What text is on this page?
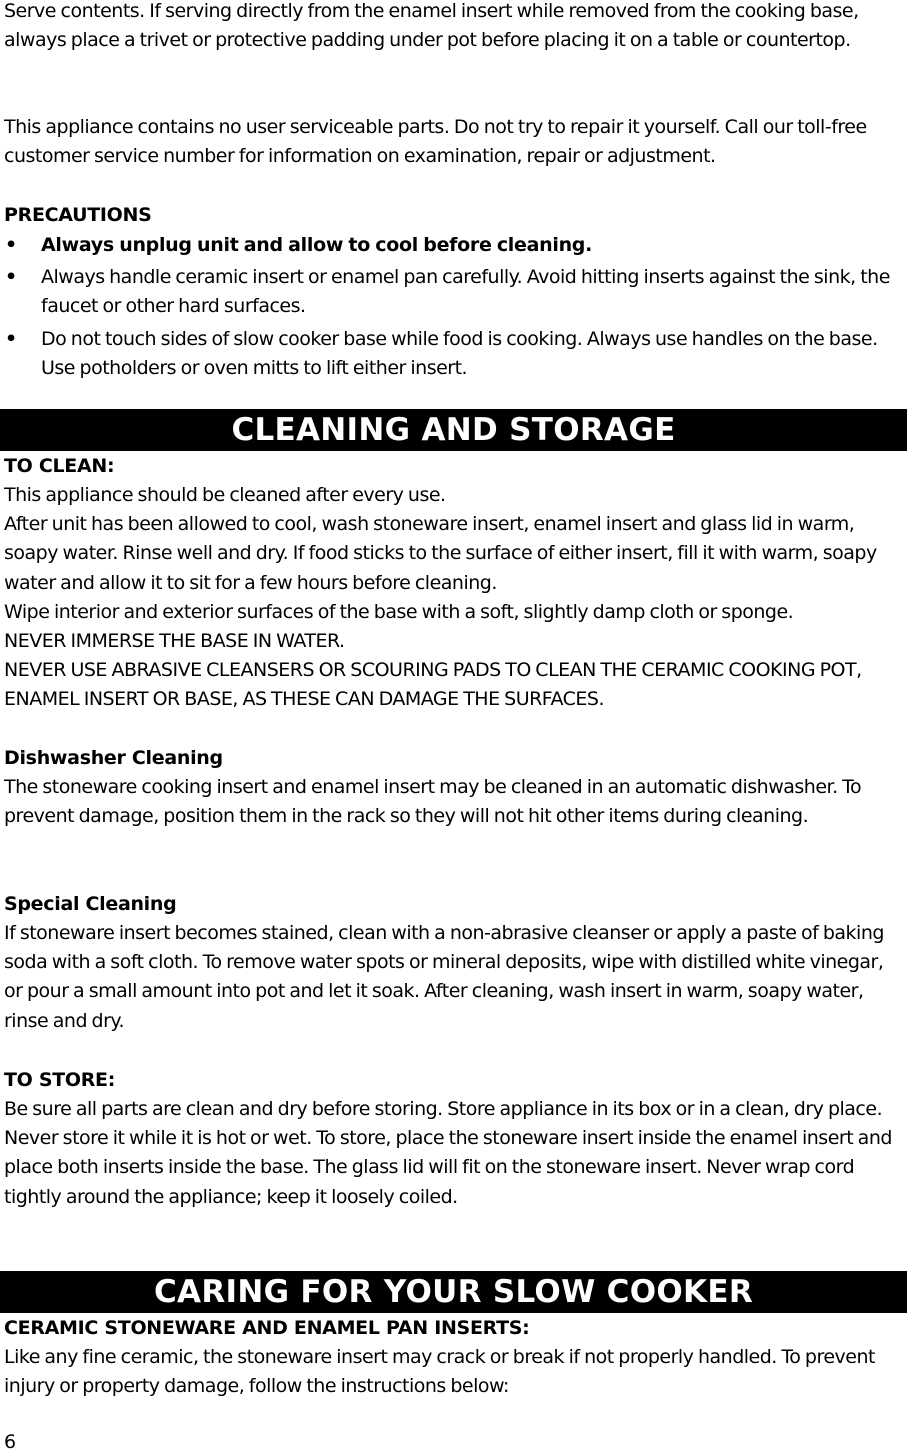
Serve contents. If serving directly from the enamel insert while removed from the cooking base, always place a trivet or protective padding under pot before placing it on a table or countertop.

This appliance contains no user serviceable parts. Do not try to repair it yourself. Call our toll-free customer service number for information on examination, repair or adjustment.

PRECAUTIONS
• Always unplug unit and allow to cool before cleaning.
• Always handle ceramic insert or enamel pan carefully. Avoid hitting inserts against the sink, the faucet or other hard surfaces.
• Do not touch sides of slow cooker base while food is cooking. Always use handles on the base. Use potholders or oven mitts to lift either insert.
CLEANING AND STORAGE
TO CLEAN:

This appliance should be cleaned after every use.

After unit has been allowed to cool, wash stoneware insert, enamel insert and glass lid in warm, soapy water. Rinse well and dry. If food sticks to the surface of either insert, fill it with warm, soapy water and allow it to sit for a few hours before cleaning.

Wipe interior and exterior surfaces of the base with a soft, slightly damp cloth or sponge.

NEVER IMMERSE THE BASE IN WATER.

NEVER USE ABRASIVE CLEANSERS OR SCOURING PADS TO CLEAN THE CERAMIC COOKING POT, ENAMEL INSERT OR BASE, AS THESE CAN DAMAGE THE SURFACES.

Dishwasher Cleaning

The stoneware cooking insert and enamel insert may be cleaned in an automatic dishwasher. To prevent damage, position them in the rack so they will not hit other items during cleaning.

Special Cleaning

If stoneware insert becomes stained, clean with a non-abrasive cleanser or apply a paste of baking soda with a soft cloth. To remove water spots or mineral deposits, wipe with distilled white vinegar, or pour a small amount into pot and let it soak. After cleaning, wash insert in warm, soapy water, rinse and dry.

TO STORE:

Be sure all parts are clean and dry before storing. Store appliance in its box or in a clean, dry place. Never store it while it is hot or wet. To store, place the stoneware insert inside the enamel insert and place both inserts inside the base. The glass lid will fit on the stoneware insert. Never wrap cord tightly around the appliance; keep it loosely coiled.

CARING FOR YOUR SLOW COOKER
CERAMIC STONEWARE AND ENAMEL PAN INSERTS:

Like any fine ceramic, the stoneware insert may crack or break if not properly handled. To prevent injury or property damage, follow the instructions below:

6
